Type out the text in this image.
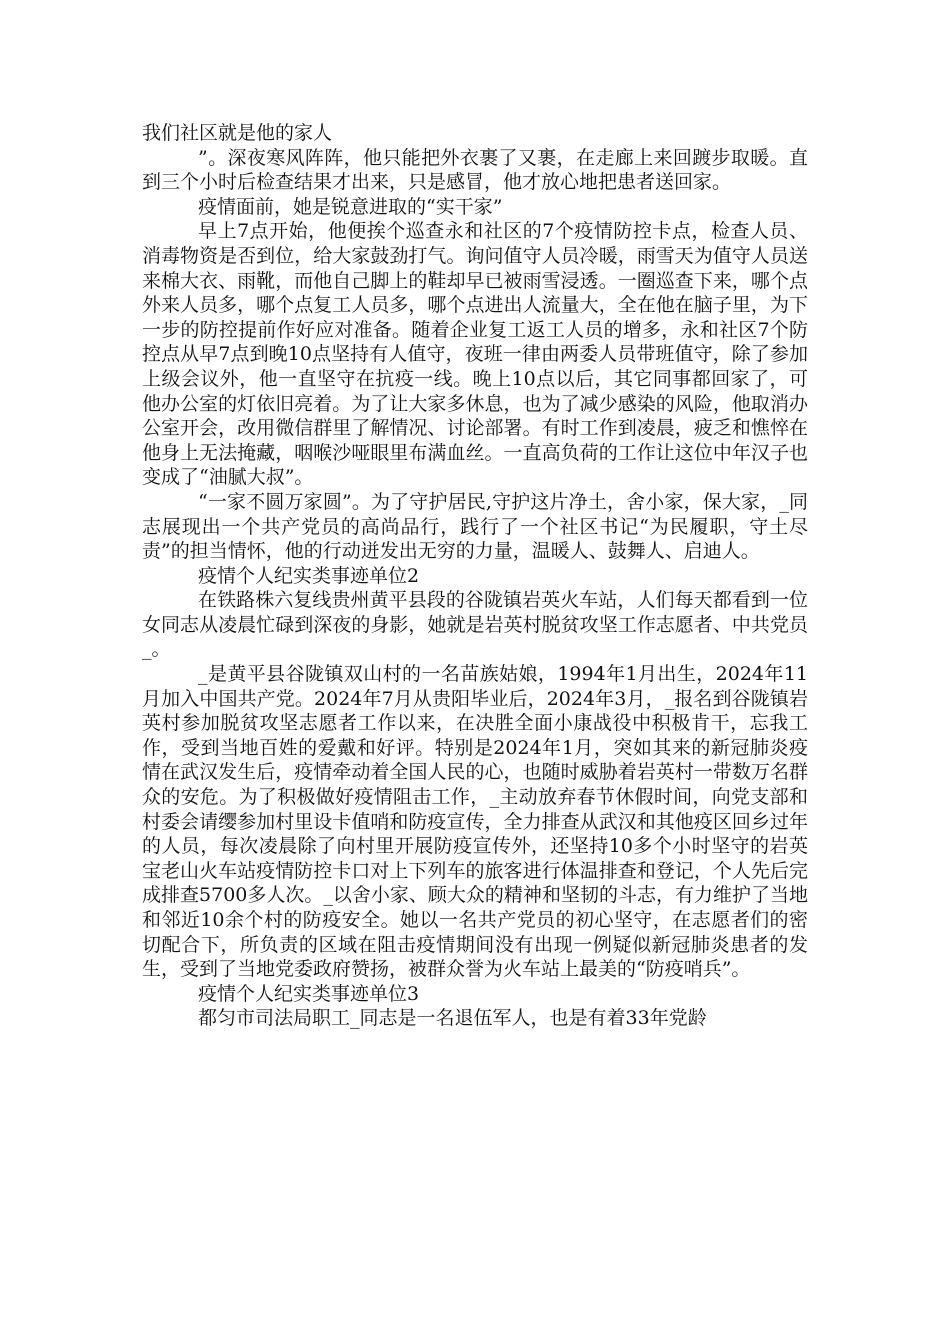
我们社区就是他的家人

”。深夜寒风阵阵，他只能把外衣裹了又裹，在走廊上来回踱步取暖。直到三个小时后检查结果才出来，只是感冒，他才放心地把患者送回家。

疫情面前，她是锐意进取的“实干家”

早上7点开始，他便挨个巡查永和社区的7个疫情防控卡点，检查人员、消毒物资是否到位，给大家鼓劲打气。询问值守人员冷暖，雨雪天为值守人员送来棉大衣、雨靴，而他自己脚上的鞋却早已被雨雪浸透。一圈巡查下来，哪个点外来人员多，哪个点复工人员多，哪个点进出人流量大，全在他在脑子里，为下一步的防控提前作好应对准备。随着企业复工返工人员的增多，永和社区7个防控点从早7点到晚10点坚持有人值守，夜班一律由两委人员带班值守，除了参加上级会议外，他一直坚守在抗疫一线。晚上10点以后，其它同事都回家了，可他办公室的灯依旧亮着。为了让大家多休息，也为了减少感染的风险，他取消办公室开会，改用微信群里了解情况、讨论部署。有时工作到凌晨，疲乏和憔悴在他身上无法掩藏，咽喉沙哑眼里布满血丝。一直高负荷的工作让这位中年汉子也变成了“油腻大叔”。

“一家不圆万家圆”。为了守护居民,守护这片净土，舍小家，保大家，_同志展现出一个共产党员的高尚品行，践行了一个社区书记“为民履职，守土尽责”的担当情怀，他的行动迸发出无穷的力量，温暖人、鼓舞人、启迪人。

疫情个人纪实类事迹单位2

在铁路株六复线贵州黄平县段的谷陇镇岩英火车站，人们每天都看到一位女同志从凌晨忙碌到深夜的身影，她就是岩英村脱贫攻坚工作志愿者、中共党员_。

_是黄平县谷陇镇双山村的一名苗族姑娘，1994年1月出生，2024年11月加入中国共产党。2024年7月从贵阳毕业后，2024年3月，_报名到谷陇镇岩英村参加脱贫攻坚志愿者工作以来，在决胜全面小康战役中积极肯干，忘我工作，受到当地百姓的爱戴和好评。特别是2024年1月，突如其来的新冠肺炎疫情在武汉发生后，疫情牵动着全国人民的心，也随时威胁着岩英村一带数万名群众的安危。为了积极做好疫情阻击工作，_主动放弃春节休假时间，向党支部和村委会请缨参加村里设卡值哨和防疫宣传，全力排查从武汉和其他疫区回乡过年的人员，每次凌晨除了向村里开展防疫宣传外，还坚持10多个小时坚守的岩英宝老山火车站疫情防控卡口对上下列车的旅客进行体温排查和登记，个人先后完成排查5700多人次。_以舍小家、顾大众的精神和坚韧的斗志，有力维护了当地和邻近10余个村的防疫安全。她以一名共产党员的初心坚守，在志愿者们的密切配合下，所负责的区域在阻击疫情期间没有出现一例疑似新冠肺炎患者的发生，受到了当地党委政府赞扬，被群众誉为火车站上最美的“防疫哨兵”。

疫情个人纪实类事迹单位3

都匀市司法局职工_同志是一名退伍军人，也是有着33年党龄
